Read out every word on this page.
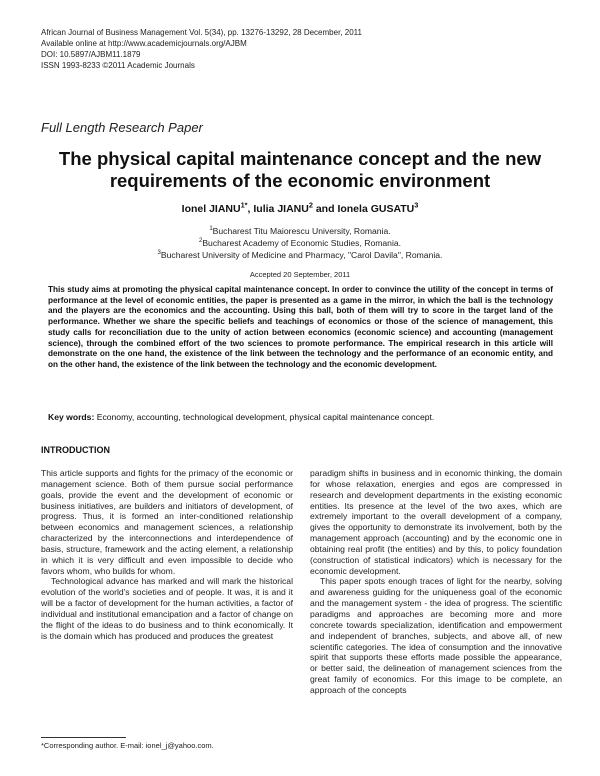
African Journal of Business Management Vol. 5(34), pp. 13276-13292, 28 December, 2011
Available online at http://www.academicjournals.org/AJBM
DOI: 10.5897/AJBM11.1879
ISSN 1993-8233 ©2011 Academic Journals
Full Length Research Paper
The physical capital maintenance concept and the new
requirements of the economic environment
Ionel $JIANU^{1*}$, Iulia JIANU$^2$ and Ionela GUSATU$^3$
$^1$Bucharest Titu Maiorescu University, Romania.
$^2$Bucharest Academy of Economic Studies, Romania.
$^3$Bucharest University of Medicine and Pharmacy, "Carol Davila", Romania.
Accepted 20 September, 2011
This study aims at promoting the physical capital maintenance concept. In order to convince the utility of the concept in terms of performance at the level of economic entities, the paper is presented as a game in the mirror, in which the ball is the technology and the players are the economics and the accounting. Using this ball, both of them will try to score in the target land of the performance. Whether we share the specific beliefs and teachings of economics or those of the science of management, this study calls for reconciliation due to the unity of action between economics (economic science) and accounting (management science), through the combined effort of the two sciences to promote performance. The empirical research in this article will demonstrate on the one hand, the existence of the link between the technology and the performance of an economic entity, and on the other hand, the existence of the link between the technology and the economic development.
Key words: Economy, accounting, technological development, physical capital maintenance concept.
INTRODUCTION

This article supports and fights for the primacy of the economic or management science. Both of them pursue social performance goals, provide the event and the development of economic or business initiatives, are builders and initiators of development, of progress. Thus, it is formed an inter-conditioned relationship between economics and management sciences, a relationship characterized by the interconnections and interdependence of basis, structure, framework and the acting element, a relationship in which it is very difficult and even impossible to decide who favors whom, who builds for whom.

Technological advance has marked and will mark the historical evolution of the world's societies and of people. It was, it is and it will be a factor of development for the human activities, a factor of individual and institutional emancipation and a factor of change on the flight of the ideas to do business and to think economically. It is the domain which has produced and produces the greatest

paradigm shifts in business and in economic thinking, the domain for whose relaxation, energies and egos are compressed in research and development departments in the existing economic entities. Its presence at the level of the two axes, which are extremely important to the overall development of a company, gives the opportunity to demonstrate its involvement, both by the management approach (accounting) and by the economic one in obtaining real profit (the entities) and by this, to policy foundation (construction of statistical indicators) which is necessary for the economic development.

This paper spots enough traces of light for the nearby, solving and awareness guiding for the uniqueness goal of the economic and the management system - the idea of progress. The scientific paradigms and approaches are becoming more and more concrete towards specialization, identification and empowerment and independent of branches, subjects, and above all, of new scientific categories. The idea of consumption and the innovative spirit that supports these efforts made possible the appearance, or better said, the delineation of management sciences from the great family of economics. For this image to be complete, an approach of the concepts

*Corresponding author. E-mail: ionel_j@yahoo.com.
